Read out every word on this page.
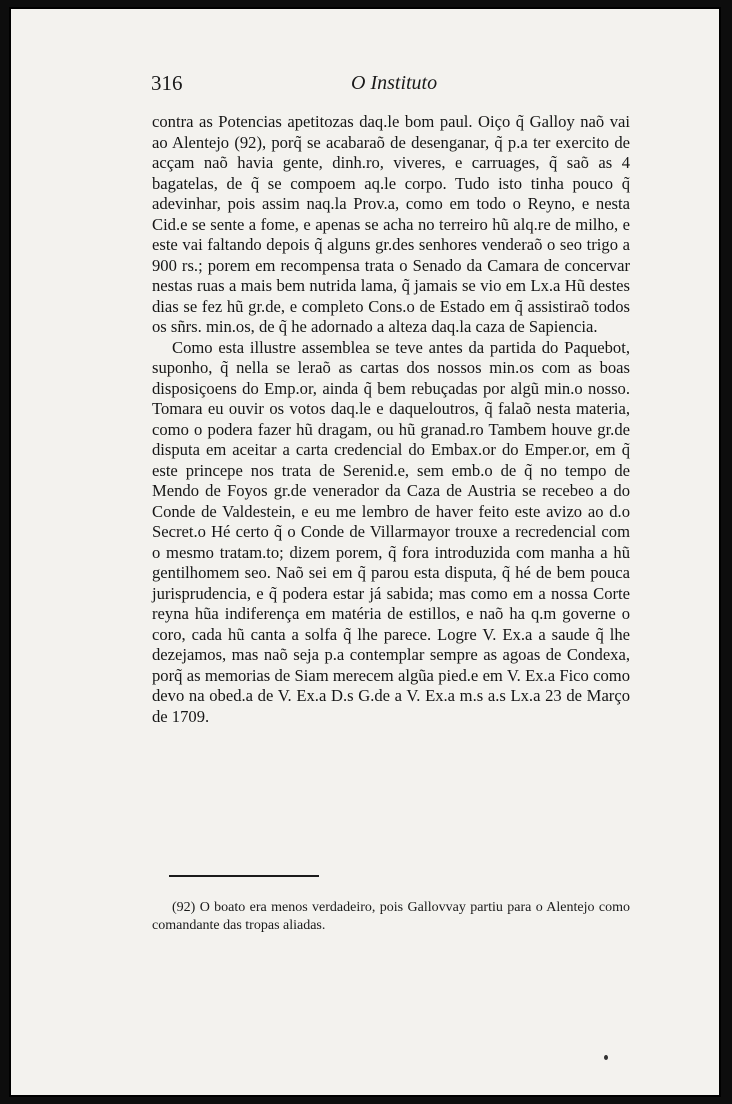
316	O Instituto

contra as Potencias apetitozas daq.le bom paul. Oiço q̃ Galloy naõ vai ao Alentejo (92), porq̃ se acabaraõ de desenganar, q̃ p.a ter exercito de acçam naõ havia gente, dinh.ro, viveres, e carruages, q̃ saõ as 4 bagatelas, de q̃ se compoem aq.le corpo. Tudo isto tinha pouco q̃ adevinhar, pois assim naq.la Prov.a, como em todo o Reyno, e nesta Cid.e se sente a fome, e apenas se acha no terreiro hũ alq.re de milho, e este vai faltando depois q̃ alguns gr.des senhores venderaõ o seo trigo a 900 rs.; porem em recompensa trata o Senado da Camara de concervar nestas ruas a mais bem nutrida lama, q̃ jamais se vio em Lx.a Hũ destes dias se fez hũ gr.de, e completo Cons.o de Estado em q̃ assistiraõ todos os sñrs. min.os, de q̃ he adornado a alteza daq.la caza de Sapiencia.

Como esta illustre assemblea se teve antes da partida do Paquebot, suponho, q̃ nella se leraõ as cartas dos nossos min.os com as boas disposiçoens do Emp.or, ainda q̃ bem rebuçadas por algũ min.o nosso. Tomara eu ouvir os votos daq.le e daqueloutros, q̃ falaõ nesta materia, como o podera fazer hũ dragam, ou hũ granad.ro Tambem houve gr.de disputa em aceitar a carta credencial do Embax.or do Emper.or, em q̃ este princepe nos trata de Serenid.e, sem emb.o de q̃ no tempo de Mendo de Foyos gr.de venerador da Caza de Austria se recebeo a do Conde de Valdestein, e eu me lembro de haver feito este avizo ao d.o Secret.o Hé certo q̃ o Conde de Villarmayor trouxe a recredencial com o mesmo tratam.to; dizem porem, q̃ fora introduzida com manha a hũ gentilhomem seo. Naõ sei em q̃ parou esta disputa, q̃ hé de bem pouca jurisprudencia, e q̃ podera estar já sabida; mas como em a nossa Corte reyna hũa indiferença em matéria de estillos, e naõ ha q.m governe o coro, cada hũ canta a solfa q̃ lhe parece. Logre V. Ex.a a saude q̃ lhe dezejamos, mas naõ seja p.a contemplar sempre as agoas de Condexa, porq̃ as memorias de Siam merecem algũa pied.e em V. Ex.a Fico como devo na obed.a de V. Ex.a D.s G.de a V. Ex.a m.s a.s Lx.a 23 de Março de 1709.

(92) O boato era menos verdadeiro, pois Gallovvay partiu para o Alentejo como comandante das tropas aliadas.
